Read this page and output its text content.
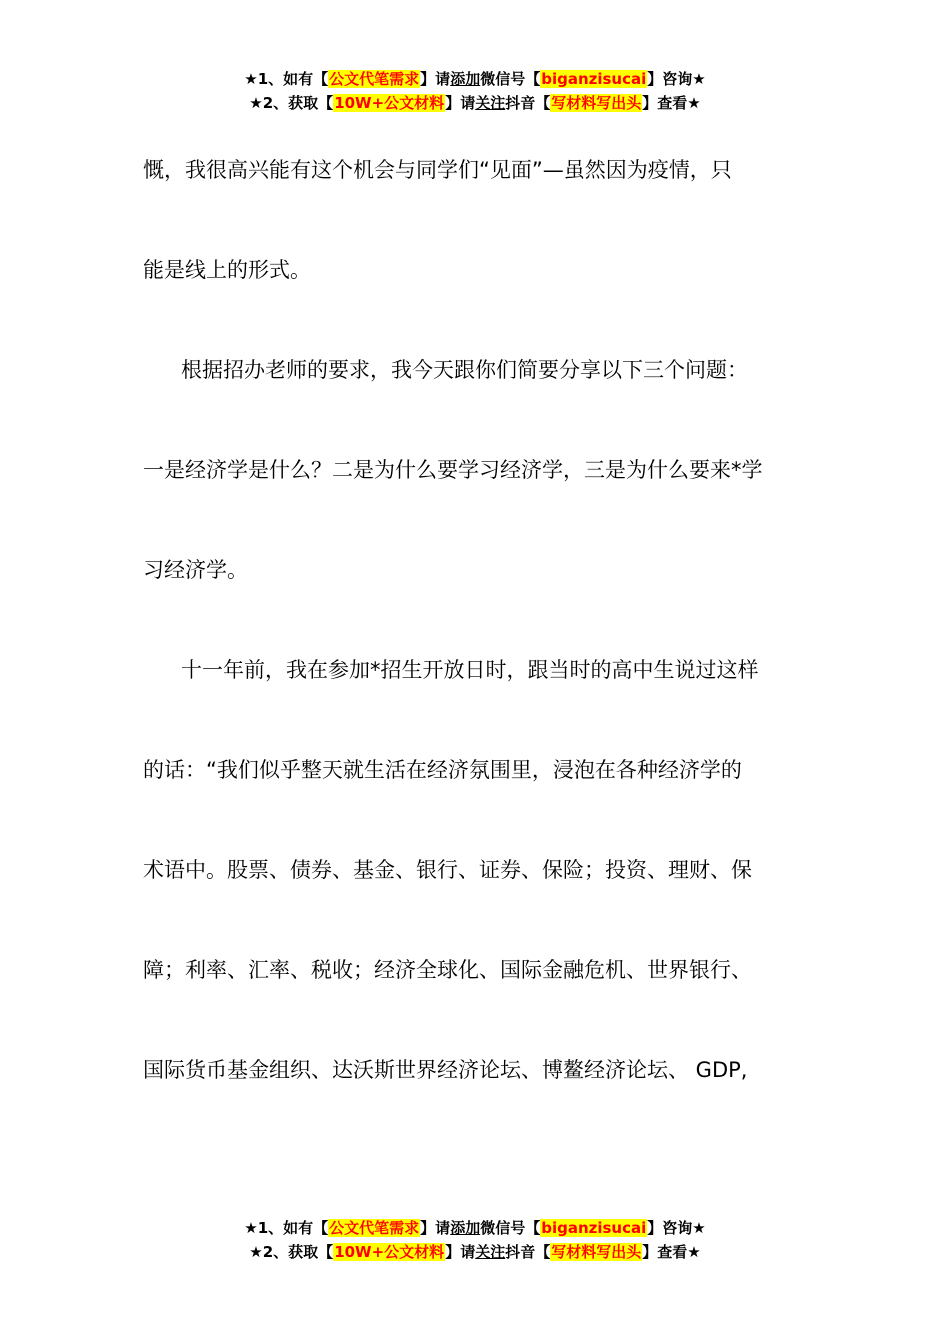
★1、如有【公文代笔需求】请添加微信号【biganzisucai】咨询★
★2、获取【10W+公文材料】请关注抖音【写材料写出头】查看★
慨，我很高兴能有这个机会与同学们“见面”—虽然因为疫情，只
能是线上的形式。
根据招办老师的要求，我今天跟你们简要分享以下三个问题：
一是经济学是什么？二是为什么要学习经济学，三是为什么要来*学
习经济学。
十一年前，我在参加*招生开放日时，跟当时的高中生说过这样
的话：“我们似乎整天就生活在经济氛围里，浸泡在各种经济学的
术语中。股票、债券、基金、银行、证券、保险；投资、理财、保
障；利率、汇率、税收；经济全球化、国际金融危机、世界银行、
国际货币基金组织、达沃斯世界经济论坛、博鳌经济论坛、 GDP,
★1、如有【公文代笔需求】请添加微信号【biganzisucai】咨询★
★2、获取【10W+公文材料】请关注抖音【写材料写出头】查看★
